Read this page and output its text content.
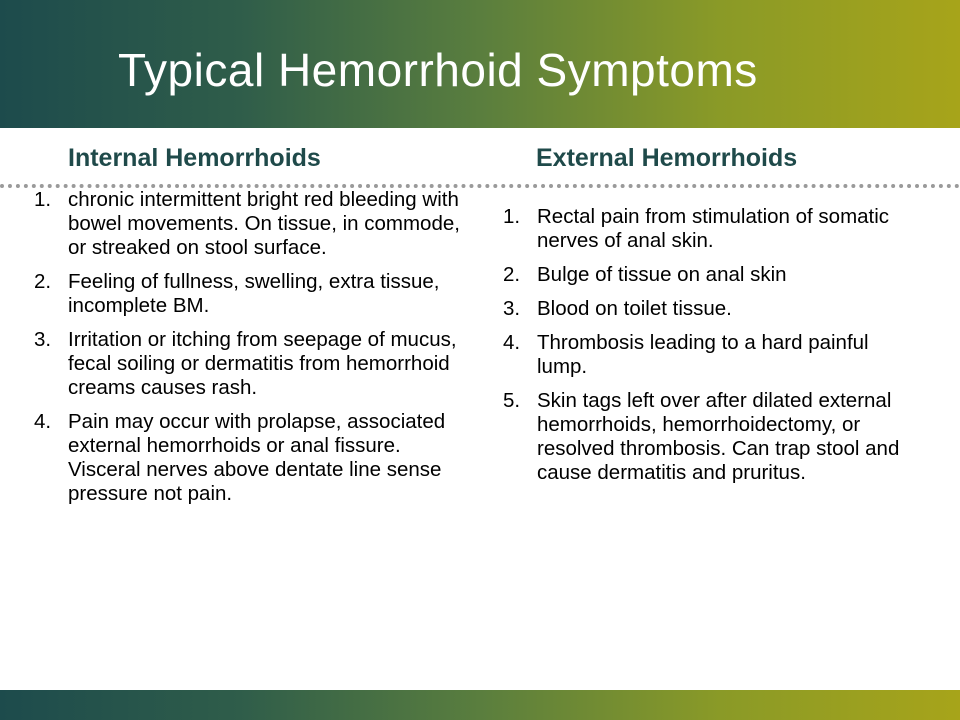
Typical Hemorrhoid Symptoms
Internal Hemorrhoids	External Hemorrhoids
1. chronic intermittent bright red bleeding with bowel movements. On tissue, in commode, or streaked on stool surface.
2. Feeling of fullness, swelling, extra tissue, incomplete BM.
3. Irritation or itching from seepage of mucus, fecal soiling or dermatitis from hemorrhoid creams causes rash.
4. Pain may occur with prolapse, associated external hemorrhoids or anal fissure. Visceral nerves above dentate line sense pressure not pain.
1. Rectal pain from stimulation of somatic nerves of anal skin.
2. Bulge of tissue on anal skin
3. Blood on toilet tissue.
4. Thrombosis leading to a hard painful lump.
5. Skin tags left over after dilated external hemorrhoids, hemorrhoidectomy, or resolved thrombosis. Can trap stool and cause dermatitis and pruritus.
